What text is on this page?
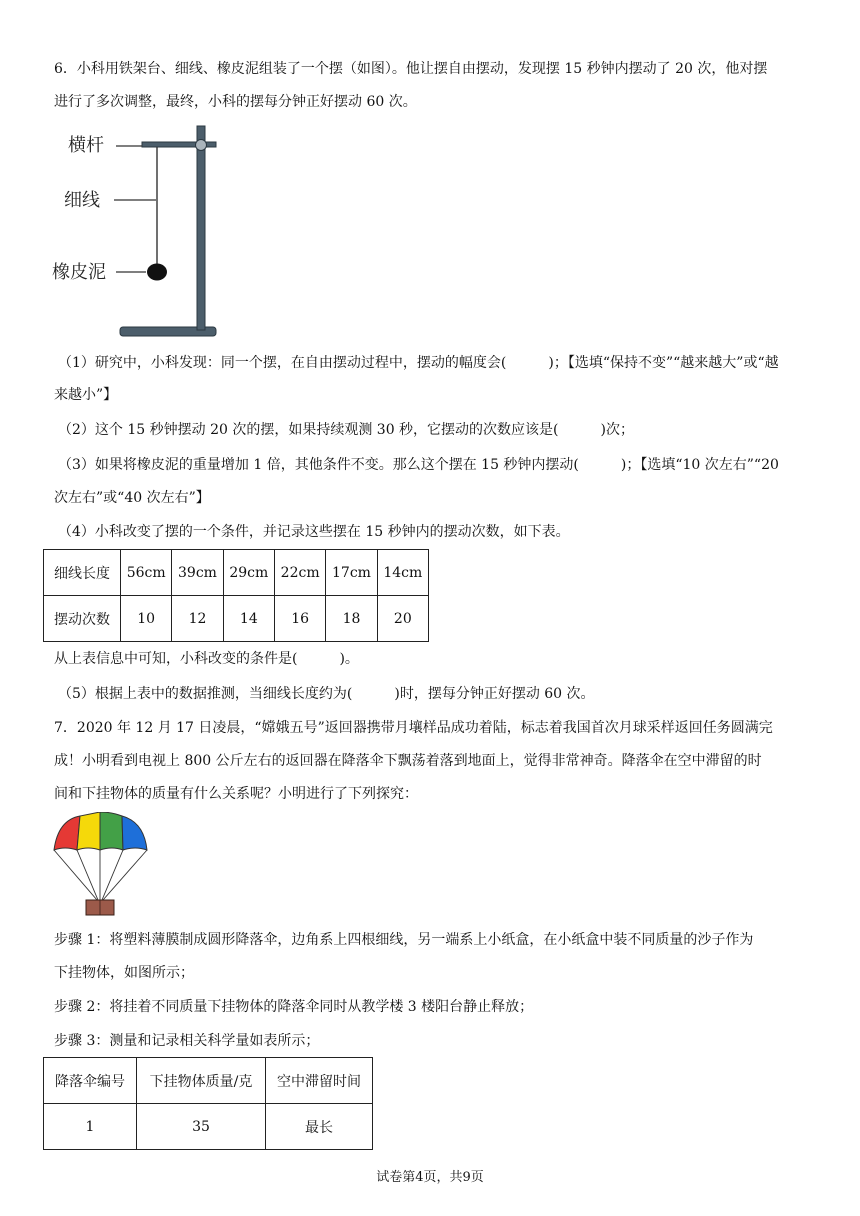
6．小科用铁架台、细线、橡皮泥组装了一个摆（如图）。他让摆自由摆动，发现摆 15 秒钟内摆动了 20 次，他对摆
进行了多次调整，最终，小科的摆每分钟正好摆动 60 次。
横杆
细线
橡皮泥
（1）研究中，小科发现：同一个摆，在自由摆动过程中，摆动的幅度会(　　　)；【选填“保持不变”“越来越大”或“越
来越小”】
（2）这个 15 秒钟摆动 20 次的摆，如果持续观测 30 秒，它摆动的次数应该是(　　　)次；
（3）如果将橡皮泥的重量增加 1 倍，其他条件不变。那么这个摆在 15 秒钟内摆动(　　　)；【选填“10 次左右”“20
次左右”或“40 次左右”】
（4）小科改变了摆的一个条件，并记录这些摆在 15 秒钟内的摆动次数，如下表。
细线长度	56cm	39cm	29cm	22cm	17cm	14cm
摆动次数	10	12	14	16	18	20
从上表信息中可知，小科改变的条件是(　　　)。
（5）根据上表中的数据推测，当细线长度约为(　　　)时，摆每分钟正好摆动 60 次。
7．2020 年 12 月 17 日凌晨，“嫦娥五号”返回器携带月壤样品成功着陆，标志着我国首次月球采样返回任务圆满完
成！小明看到电视上 800 公斤左右的返回器在降落伞下飘荡着落到地面上，觉得非常神奇。降落伞在空中滞留的时
间和下挂物体的质量有什么关系呢？小明进行了下列探究：
步骤 1：将塑料薄膜制成圆形降落伞，边角系上四根细线，另一端系上小纸盒，在小纸盒中装不同质量的沙子作为
下挂物体，如图所示；
步骤 2：将挂着不同质量下挂物体的降落伞同时从教学楼 3 楼阳台静止释放；
步骤 3：测量和记录相关科学量如表所示；
降落伞编号	下挂物体质量/克	空中滞留时间
1	35	最长
试卷第4页，共9页
